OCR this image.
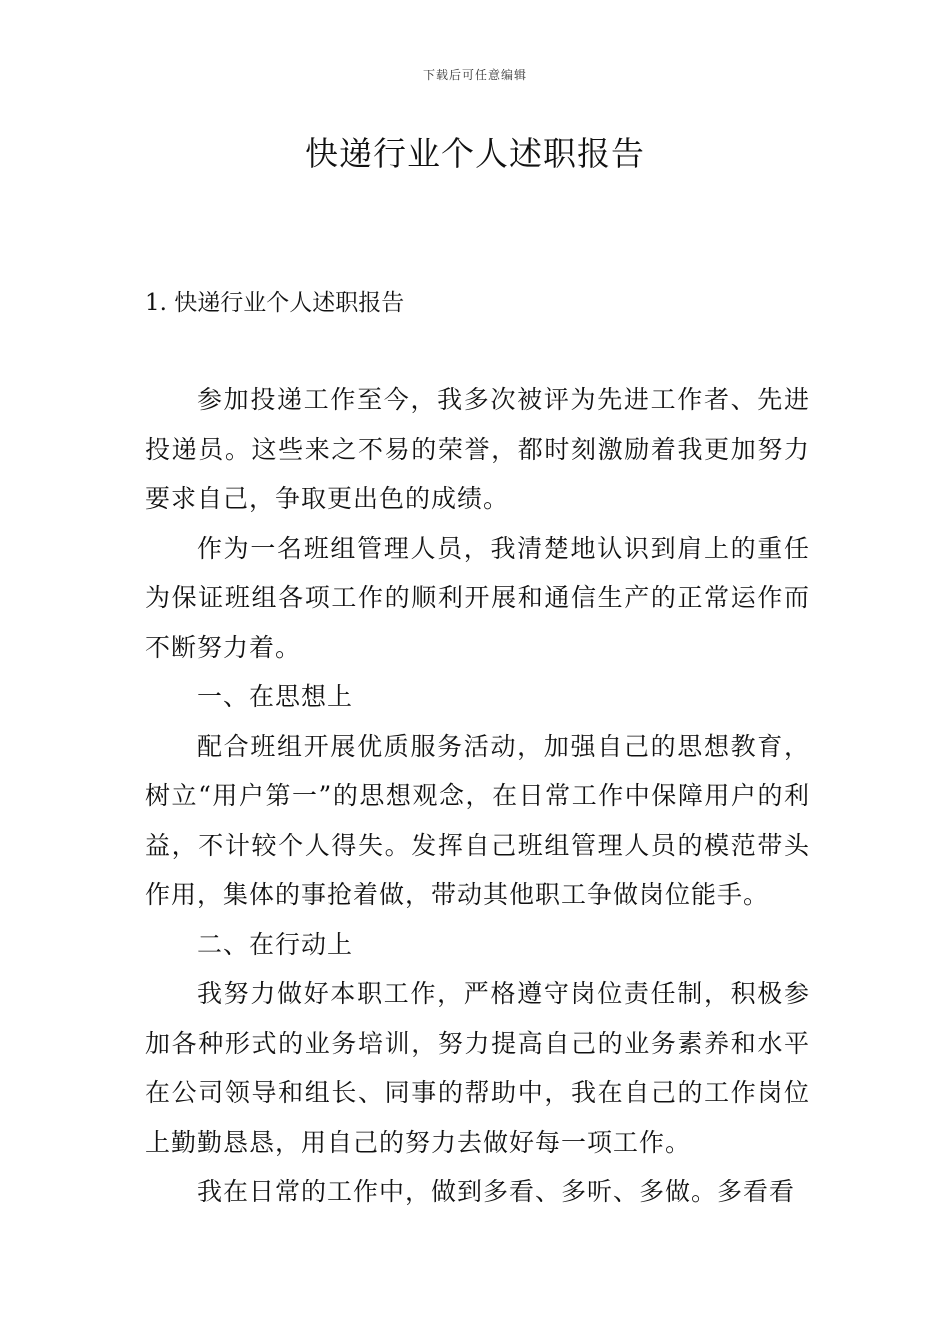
下载后可任意编辑
快递行业个人述职报告
1. 快递行业个人述职报告

参加投递工作至今，我多次被评为先进工作者、先进投递员。这些来之不易的荣誉，都时刻激励着我更加努力要求自己，争取更出色的成绩。

作为一名班组管理人员，我清楚地认识到肩上的重任为保证班组各项工作的顺利开展和通信生产的正常运作而不断努力着。

一、在思想上

配合班组开展优质服务活动，加强自己的思想教育，树立“用户第一”的思想观念，在日常工作中保障用户的利益，不计较个人得失。发挥自己班组管理人员的模范带头作用，集体的事抢着做，带动其他职工争做岗位能手。

二、在行动上

我努力做好本职工作，严格遵守岗位责任制，积极参加各种形式的业务培训，努力提高自己的业务素养和水平在公司领导和组长、同事的帮助中，我在自己的工作岗位上勤勤恳恳，用自己的努力去做好每一项工作。

我在日常的工作中，做到多看、多听、多做。多看看
